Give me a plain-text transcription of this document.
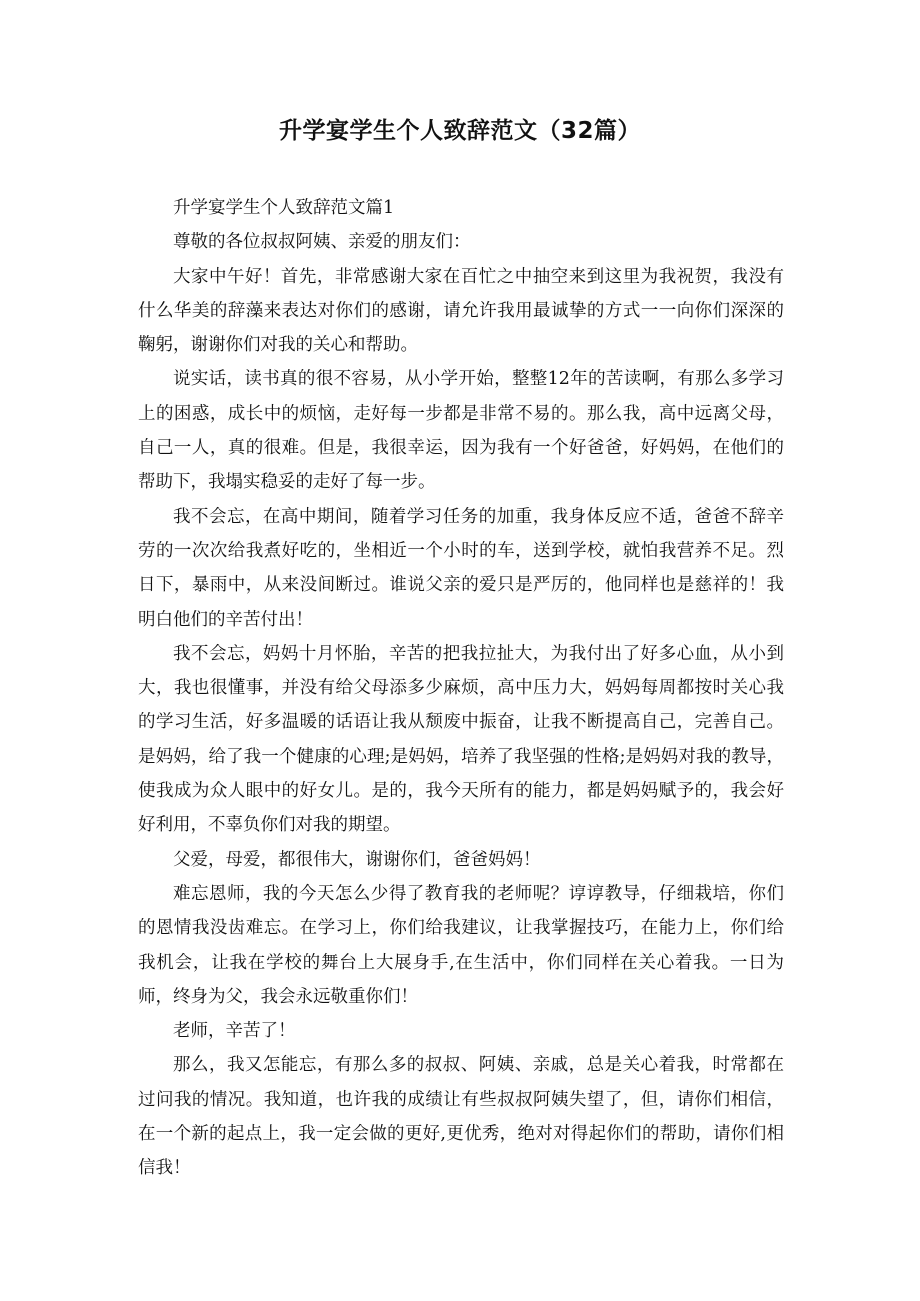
升学宴学生个人致辞范文（32篇）

升学宴学生个人致辞范文篇1

尊敬的各位叔叔阿姨、亲爱的朋友们：

大家中午好！首先，非常感谢大家在百忙之中抽空来到这里为我祝贺，我没有什么华美的辞藻来表达对你们的感谢，请允许我用最诚挚的方式一一向你们深深的鞠躬，谢谢你们对我的关心和帮助。

说实话，读书真的很不容易，从小学开始，整整12年的苦读啊，有那么多学习上的困惑，成长中的烦恼，走好每一步都是非常不易的。那么我，高中远离父母，自己一人，真的很难。但是，我很幸运，因为我有一个好爸爸，好妈妈，在他们的帮助下，我塌实稳妥的走好了每一步。

我不会忘，在高中期间，随着学习任务的加重，我身体反应不适，爸爸不辞辛劳的一次次给我煮好吃的，坐相近一个小时的车，送到学校，就怕我营养不足。烈日下，暴雨中，从来没间断过。谁说父亲的爱只是严厉的，他同样也是慈祥的！我明白他们的辛苦付出！

我不会忘，妈妈十月怀胎，辛苦的把我拉扯大，为我付出了好多心血，从小到大，我也很懂事，并没有给父母添多少麻烦，高中压力大，妈妈每周都按时关心我的学习生活，好多温暖的话语让我从颓废中振奋，让我不断提高自己，完善自己。是妈妈，给了我一个健康的心理;是妈妈，培养了我坚强的性格;是妈妈对我的教导，使我成为众人眼中的好女儿。是的，我今天所有的能力，都是妈妈赋予的，我会好好利用，不辜负你们对我的期望。

父爱，母爱，都很伟大，谢谢你们，爸爸妈妈！

难忘恩师，我的今天怎么少得了教育我的老师呢？谆谆教导，仔细栽培，你们的恩情我没齿难忘。在学习上，你们给我建议，让我掌握技巧，在能力上，你们给我机会，让我在学校的舞台上大展身手,在生活中，你们同样在关心着我。一日为师，终身为父，我会永远敬重你们！

老师，辛苦了！

那么，我又怎能忘，有那么多的叔叔、阿姨、亲戚，总是关心着我，时常都在过问我的情况。我知道，也许我的成绩让有些叔叔阿姨失望了，但，请你们相信，在一个新的起点上，我一定会做的更好,更优秀，绝对对得起你们的帮助，请你们相信我！
